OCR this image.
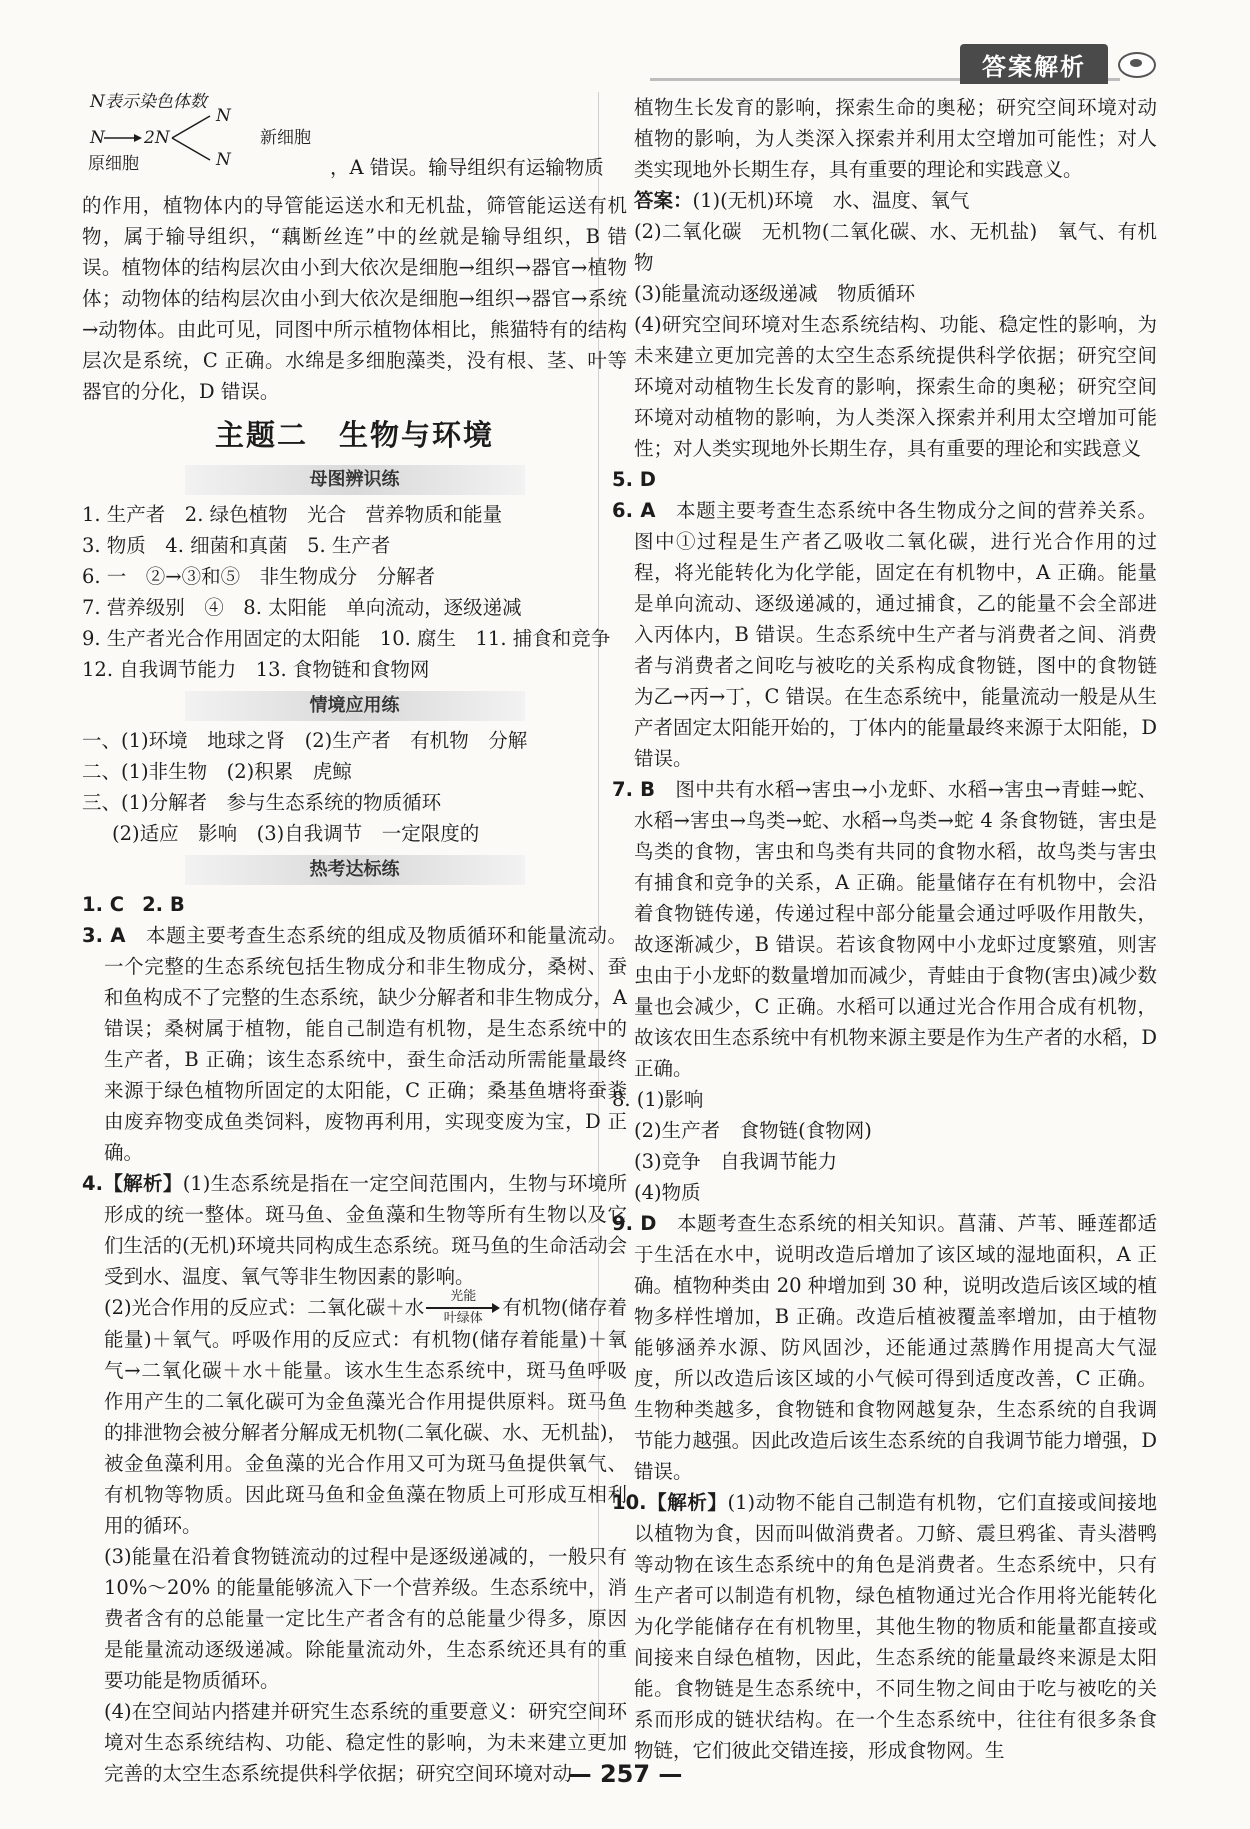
答案解析
N表示染色体数
N 2N
N
N
原细胞
新细胞
，A 错误。输导组织有运输物质

的作用，植物体内的导管能运送水和无机盐，筛管能运送有机物，属于输导组织，“藕断丝连”中的丝就是输导组织，B 错误。植物体的结构层次由小到大依次是细胞→组织→器官→植物体；动物体的结构层次由小到大依次是细胞→组织→器官→系统→动物体。由此可见，同图中所示植物体相比，熊猫特有的结构层次是系统，C 正确。水绵是多细胞藻类，没有根、茎、叶等器官的分化，D 错误。

主题二　生物与环境
母图辨识练

1. 生产者　2. 绿色植物　光合　营养物质和能量

3. 物质　4. 细菌和真菌　5. 生产者

6. 一　②→③和⑤　非生物成分　分解者

7. 营养级别　④　8. 太阳能　单向流动，逐级递减

9. 生产者光合作用固定的太阳能　10. 腐生　11. 捕食和竞争

12. 自我调节能力　13. 食物链和食物网

情境应用练

一、(1)环境　地球之肾　(2)生产者　有机物　分解

二、(1)非生物　(2)积累　虎鲸

三、(1)分解者　参与生态系统的物质循环

(2)适应　影响　(3)自我调节　一定限度的

热考达标练

1. C 2. B

3. A　本题主要考查生态系统的组成及物质循环和能量流动。一个完整的生态系统包括生物成分和非生物成分，桑树、蚕和鱼构成不了完整的生态系统，缺少分解者和非生物成分，A 错误；桑树属于植物，能自己制造有机物，是生态系统中的生产者，B 正确；该生态系统中，蚕生命活动所需能量最终来源于绿色植物所固定的太阳能，C 正确；桑基鱼塘将蚕粪由废弃物变成鱼类饲料，废物再利用，实现变废为宝，D 正确。

4.【解析】(1)生态系统是指在一定空间范围内，生物与环境所形成的统一整体。斑马鱼、金鱼藻和生物等所有生物以及它们生活的(无机)环境共同构成生态系统。斑马鱼的生命活动会受到水、温度、氧气等非生物因素的影响。

(2)光合作用的反应式：二氧化碳＋水	光能
叶绿体	有机物(储存着能量)＋氧气。呼吸作用的反应式：有机物(储存着能量)＋氧气→二氧化碳＋水＋能量。该水生生态系统中，斑马鱼呼吸作用产生的二氧化碳可为金鱼藻光合作用提供原料。斑马鱼的排泄物会被分解者分解成无机物(二氧化碳、水、无机盐)，被金鱼藻利用。金鱼藻的光合作用又可为斑马鱼提供氧气、有机物等物质。因此斑马鱼和金鱼藻在物质上可形成互相利用的循环。

(3)能量在沿着食物链流动的过程中是逐级递减的，一般只有 10%～20% 的能量能够流入下一个营养级。生态系统中，消费者含有的总能量一定比生产者含有的总能量少得多，原因是能量流动逐级递减。除能量流动外，生态系统还具有的重要功能是物质循环。

(4)在空间站内搭建并研究生态系统的重要意义：研究空间环境对生态系统结构、功能、稳定性的影响，为未来建立更加完善的太空生态系统提供科学依据；研究空间环境对动

植物生长发育的影响，探索生命的奥秘；研究空间环境对动植物的影响，为人类深入探索并利用太空增加可能性；对人类实现地外长期生存，具有重要的理论和实践意义。

答案：(1)(无机)环境　水、温度、氧气

(2)二氧化碳　无机物(二氧化碳、水、无机盐)　氧气、有机物

(3)能量流动逐级递减　物质循环

(4)研究空间环境对生态系统结构、功能、稳定性的影响，为未来建立更加完善的太空生态系统提供科学依据；研究空间环境对动植物生长发育的影响，探索生命的奥秘；研究空间环境对动植物的影响，为人类深入探索并利用太空增加可能性；对人类实现地外长期生存，具有重要的理论和实践意义

5. D

6. A　本题主要考查生态系统中各生物成分之间的营养关系。图中①过程是生产者乙吸收二氧化碳，进行光合作用的过程，将光能转化为化学能，固定在有机物中，A 正确。能量是单向流动、逐级递减的，通过捕食，乙的能量不会全部进入丙体内，B 错误。生态系统中生产者与消费者之间、消费者与消费者之间吃与被吃的关系构成食物链，图中的食物链为乙→丙→丁，C 错误。在生态系统中，能量流动一般是从生产者固定太阳能开始的，丁体内的能量最终来源于太阳能，D 错误。

7. B　图中共有水稻→害虫→小龙虾、水稻→害虫→青蛙→蛇、水稻→害虫→鸟类→蛇、水稻→鸟类→蛇 4 条食物链，害虫是鸟类的食物，害虫和鸟类有共同的食物水稻，故鸟类与害虫有捕食和竞争的关系，A 正确。能量储存在有机物中，会沿着食物链传递，传递过程中部分能量会通过呼吸作用散失，故逐渐减少，B 错误。若该食物网中小龙虾过度繁殖，则害虫由于小龙虾的数量增加而减少，青蛙由于食物(害虫)减少数量也会减少，C 正确。水稻可以通过光合作用合成有机物，故该农田生态系统中有机物来源主要是作为生产者的水稻，D 正确。

8. (1)影响

(2)生产者　食物链(食物网)

(3)竞争　自我调节能力

(4)物质

9. D　本题考查生态系统的相关知识。菖蒲、芦苇、睡莲都适于生活在水中，说明改造后增加了该区域的湿地面积，A 正确。植物种类由 20 种增加到 30 种，说明改造后该区域的植物多样性增加，B 正确。改造后植被覆盖率增加，由于植物能够涵养水源、防风固沙，还能通过蒸腾作用提高大气湿度，所以改造后该区域的小气候可得到适度改善，C 正确。生物种类越多，食物链和食物网越复杂，生态系统的自我调节能力越强。因此改造后该生态系统的自我调节能力增强，D 错误。

10.【解析】(1)动物不能自己制造有机物，它们直接或间接地以植物为食，因而叫做消费者。刀鲚、震旦鸦雀、青头潜鸭等动物在该生态系统中的角色是消费者。生态系统中，只有生产者可以制造有机物，绿色植物通过光合作用将光能转化为化学能储存在有机物里，其他生物的物质和能量都直接或间接来自绿色植物，因此，生态系统的能量最终来源是太阳能。食物链是生态系统中，不同生物之间由于吃与被吃的关系而形成的链状结构。在一个生态系统中，往往有很多条食物链，它们彼此交错连接，形成食物网。生

— 257 —
